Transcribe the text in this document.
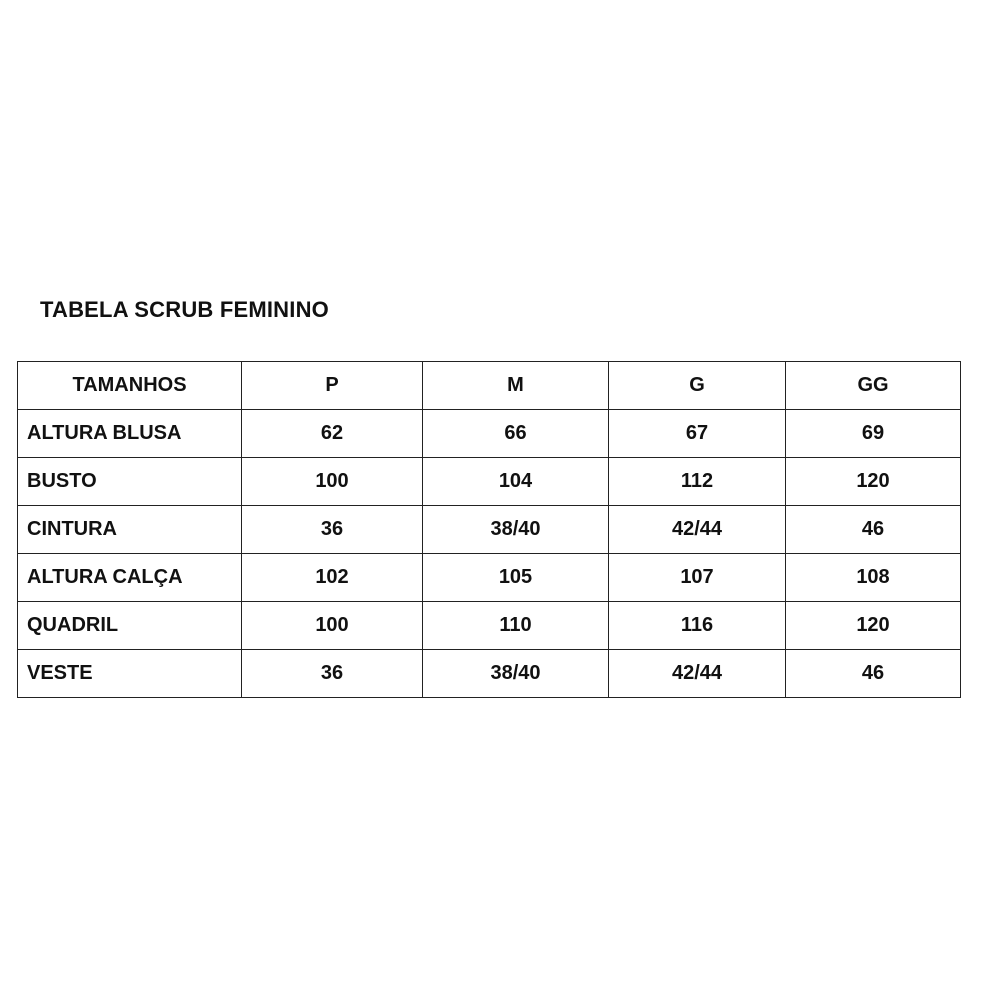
TABELA SCRUB FEMININO
TAMANHOS	P	M	G	GG
ALTURA BLUSA	62	66	67	69
BUSTO	100	104	112	120
CINTURA	36	38/40	42/44	46
ALTURA CALÇA	102	105	107	108
QUADRIL	100	110	116	120
VESTE	36	38/40	42/44	46
